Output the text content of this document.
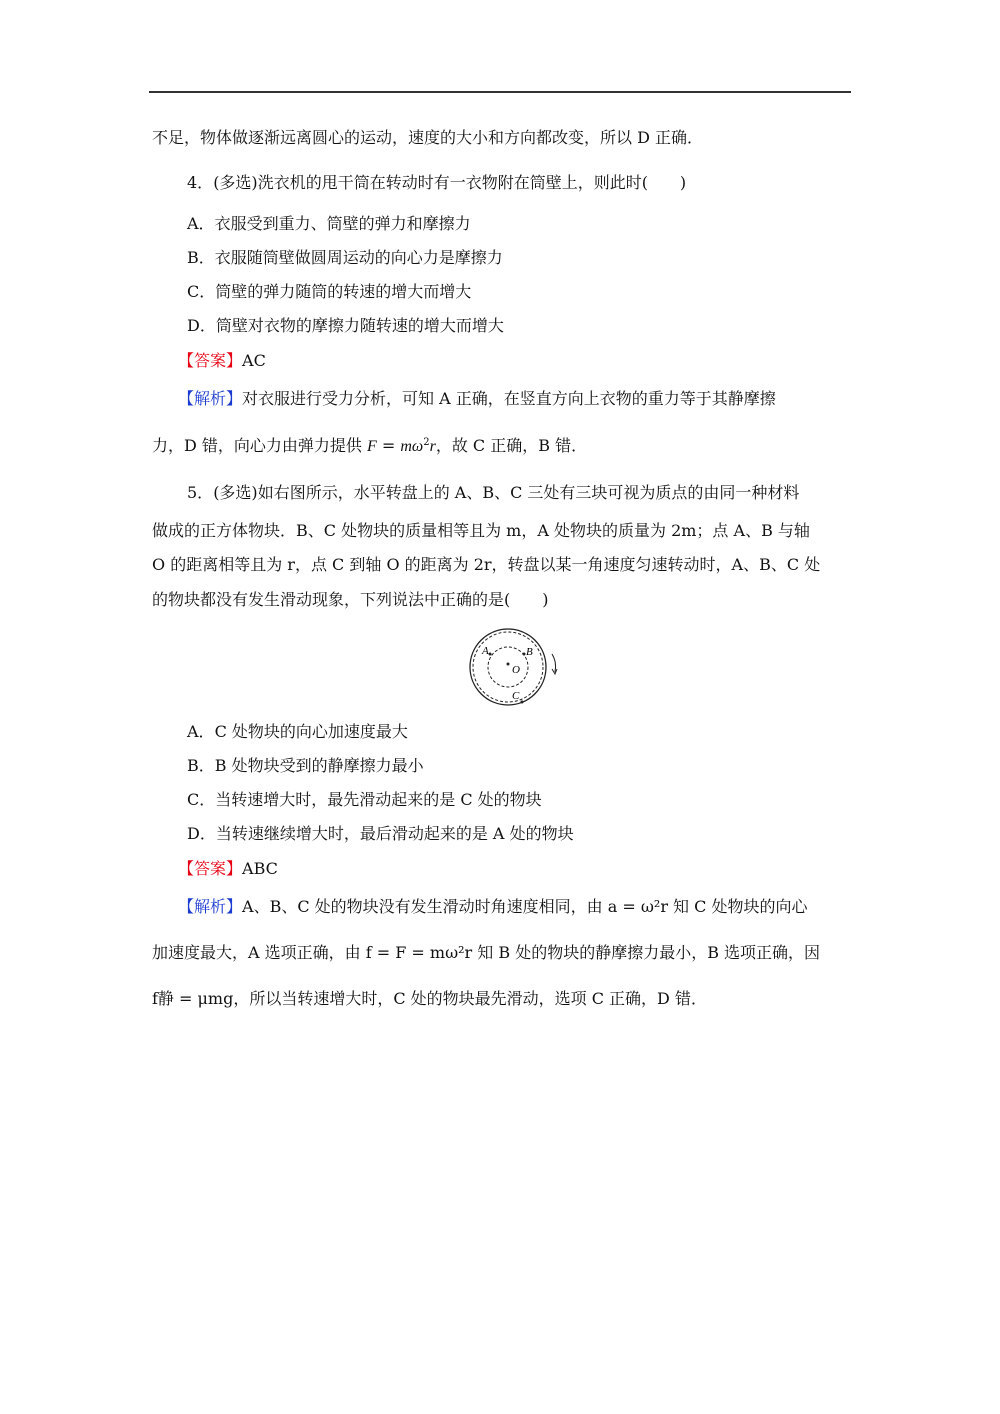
不足，物体做逐渐远离圆心的运动，速度的大小和方向都改变，所以 D 正确．
4．(多选)洗衣机的甩干筒在转动时有一衣物附在筒壁上，则此时(　　)
A．衣服受到重力、筒壁的弹力和摩擦力
B．衣服随筒壁做圆周运动的向心力是摩擦力
C．筒壁的弹力随筒的转速的增大而增大
D．筒壁对衣物的摩擦力随转速的增大而增大
【答案】AC
【解析】对衣服进行受力分析，可知 A 正确，在竖直方向上衣物的重力等于其静摩擦
力，D 错，向心力由弹力提供 $F = m\omega^2r$，故 C 正确，B 错．
5．(多选)如右图所示，水平转盘上的 A、B、C 三处有三块可视为质点的由同一种材料
做成的正方体物块．B、C 处物块的质量相等且为 m，A 处物块的质量为 2m；点 A、B 与轴
O 的距离相等且为 r，点 C 到轴 O 的距离为 2r，转盘以某一角速度匀速转动时，A、B、C 处
的物块都没有发生滑动现象，下列说法中正确的是(　　)
A	B
O
C
A．C 处物块的向心加速度最大
B．B 处物块受到的静摩擦力最小
C．当转速增大时，最先滑动起来的是 C 处的物块
D．当转速继续增大时，最后滑动起来的是 A 处的物块
【答案】ABC
【解析】A、B、C 处的物块没有发生滑动时角速度相同，由 a = ω²r 知 C 处物块的向心
加速度最大，A 选项正确，由 f = F = mω²r 知 B 处的物块的静摩擦力最小，B 选项正确，因
f静 = μmg，所以当转速增大时，C 处的物块最先滑动，选项 C 正确，D 错．
